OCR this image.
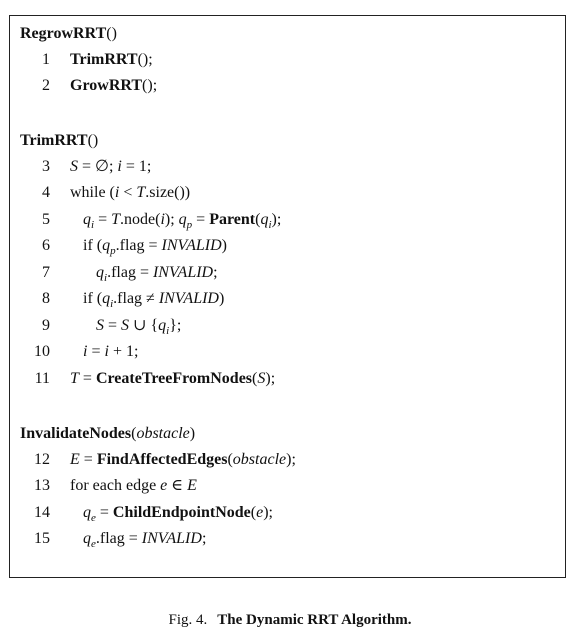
RegrowRRT()
1 TrimRRT();
2 GrowRRT();
TrimRRT()
3 S = ∅; i = 1;
4 while (i < T.size())
5 $q_i$ = T.node(i); $q_p$ = $Parent(q_i)$;
6 if ($q_p.flag$ = INVALID)
7	$q_i.flag$ = INVALID;
8 if ($q_i.flag$ ≠ INVALID)
9	S = S ∪ $\{q_i\}$;
10 i = i + 1;
11 T = CreateTreeFromNodes(S);
InvalidateNodes(obstacle)
12 E = FindAffectedEdges(obstacle);
13 for each edge e ∈ E
14 $q_e$ = ChildEndpointNode(e);
15 $q_e.flag$ = INVALID;
Fig. 4. The Dynamic RRT Algorithm.
